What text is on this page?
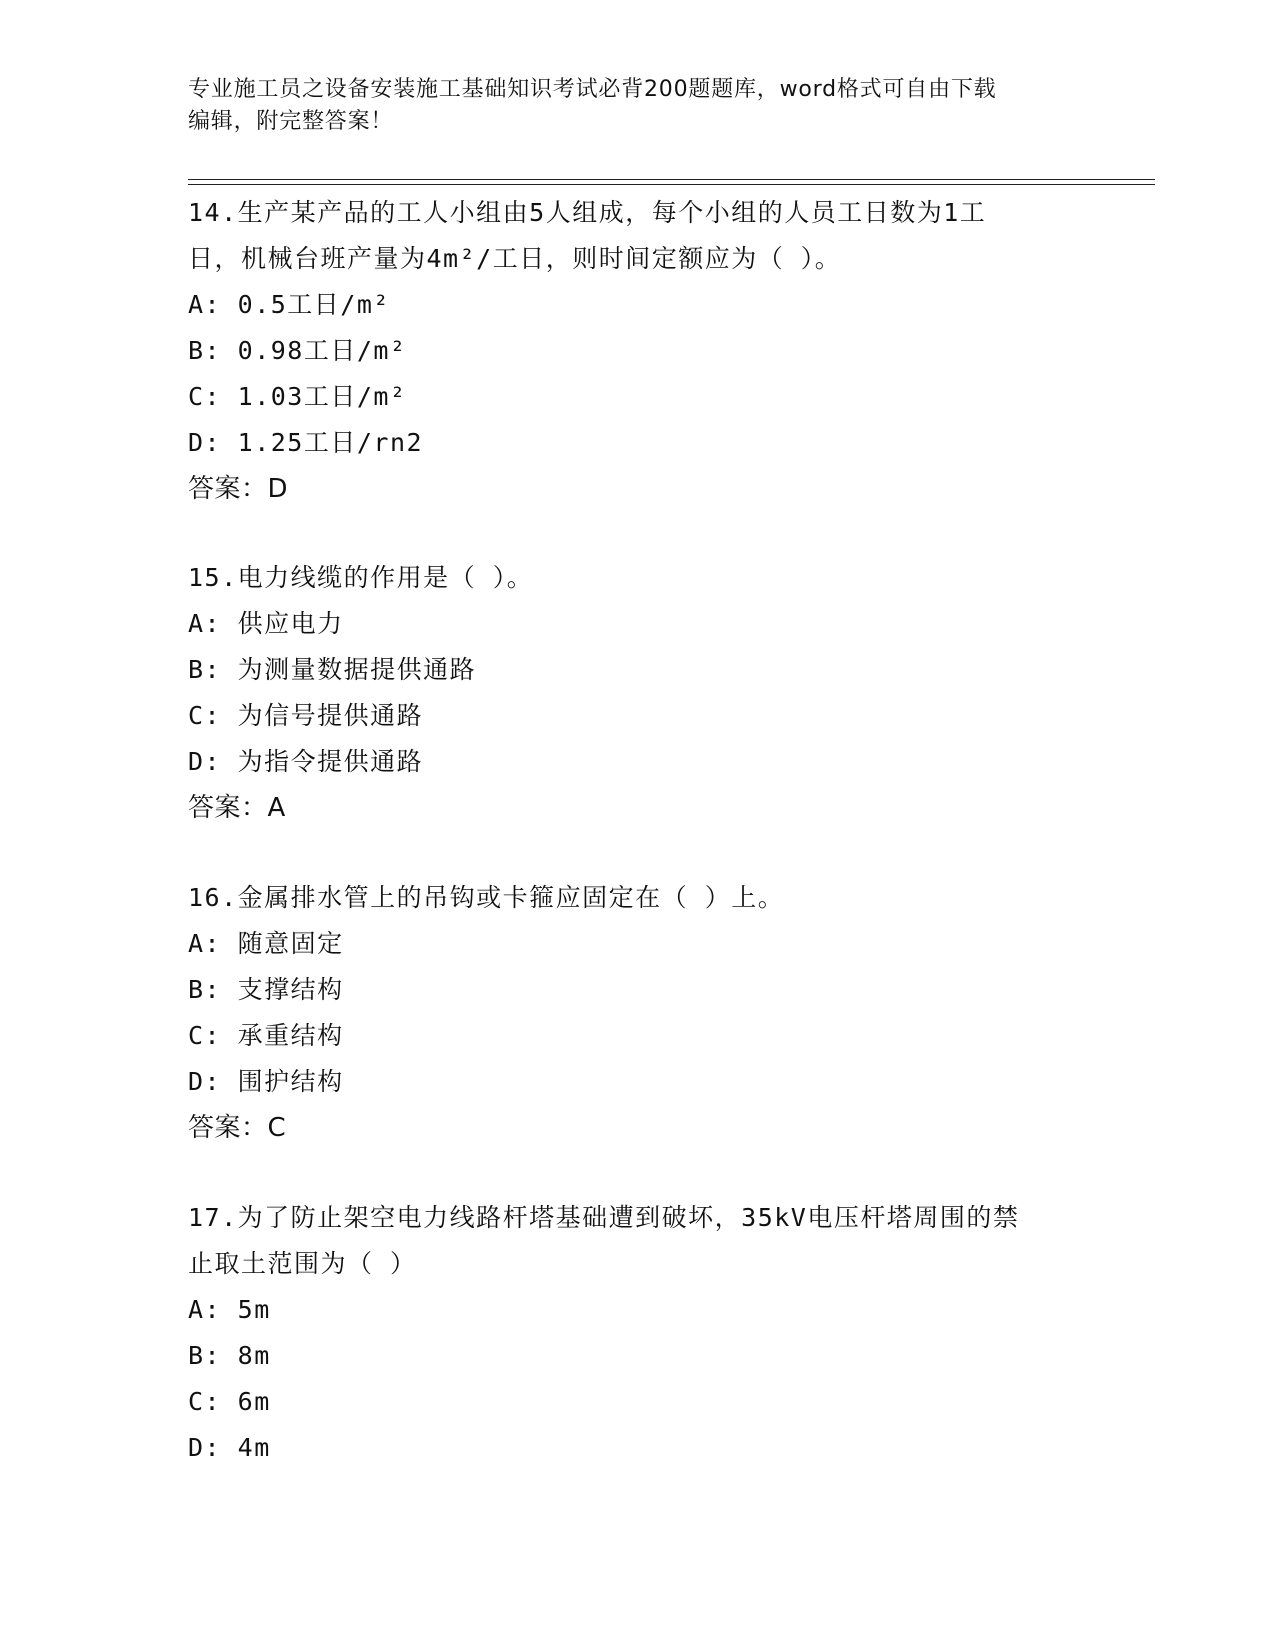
专业施工员之设备安装施工基础知识考试必背200题题库，word格式可自由下载
编辑，附完整答案！

14.生产某产品的工人小组由5人组成，每个小组的人员工日数为1工

日，机械台班产量为4m²/工日，则时间定额应为（ ）。

A: 0.5工日/m²

B: 0.98工日/m²

C: 1.03工日/m²

D: 1.25工日/rn2

答案：D

15.电力线缆的作用是（ ）。

A: 供应电力

B: 为测量数据提供通路

C: 为信号提供通路

D: 为指令提供通路

答案：A

16.金属排水管上的吊钩或卡箍应固定在（ ）上。

A: 随意固定

B: 支撑结构

C: 承重结构

D: 围护结构

答案：C

17.为了防止架空电力线路杆塔基础遭到破坏，35kV电压杆塔周围的禁

止取土范围为（ ）

A: 5m

B: 8m

C: 6m

D: 4m
